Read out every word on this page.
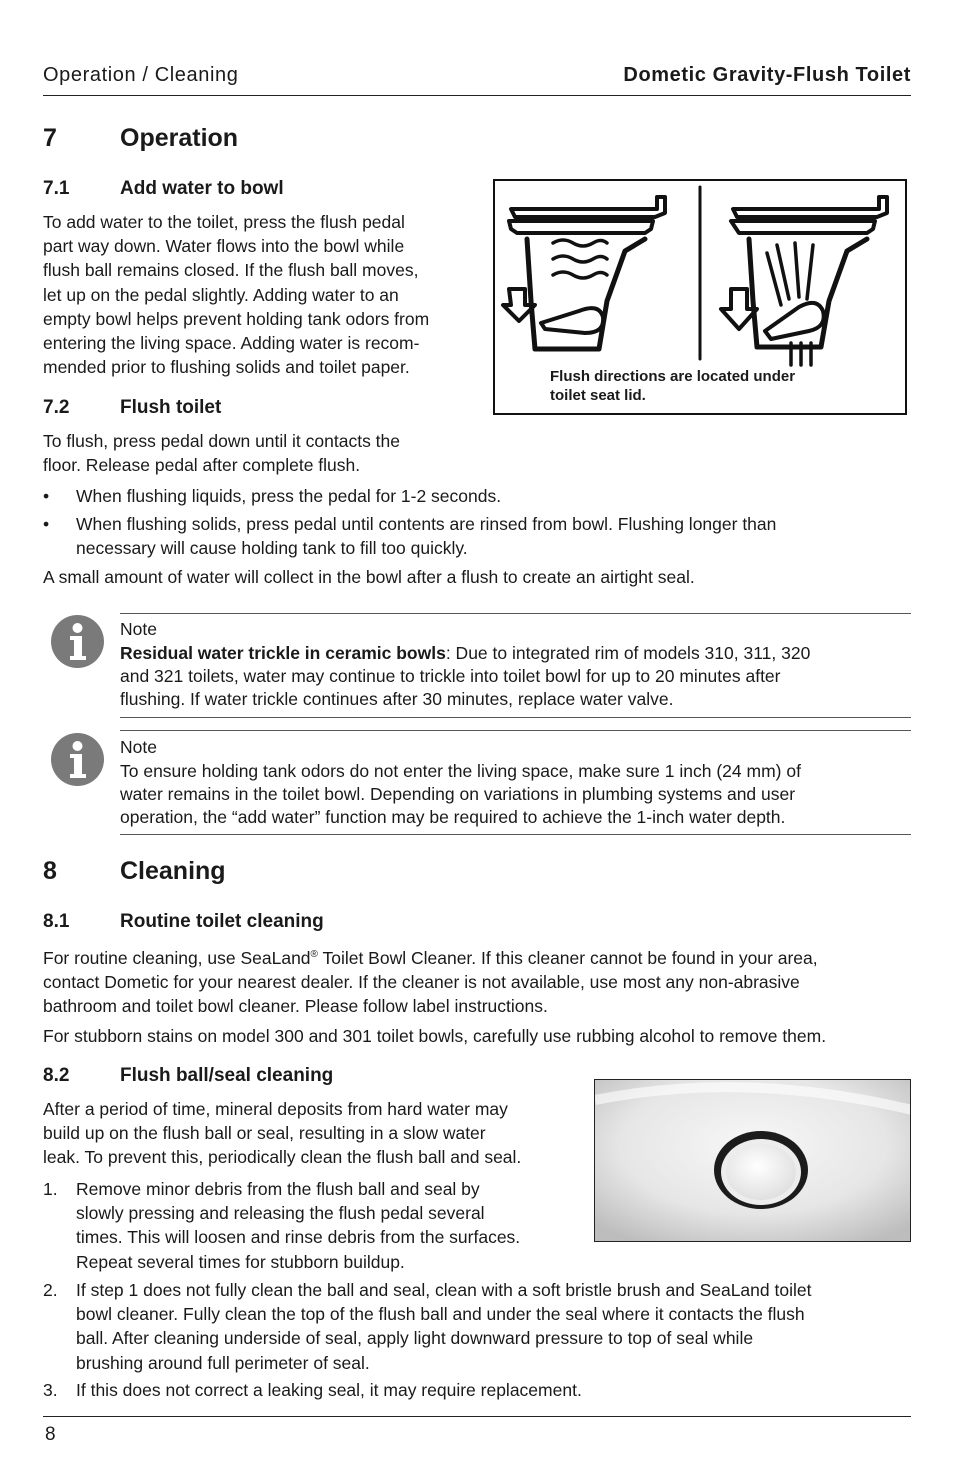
Operation / Cleaning	Dometic Gravity-Flush Toilet
7	Operation
7.1	Add water to bowl
To add water to the toilet, press the flush pedal
part way down. Water flows into the bowl while
flush ball remains closed. If the flush ball moves,
let up on the pedal slightly. Adding water to an
empty bowl helps prevent holding tank odors from
entering the living space. Adding water is recom-
mended prior to flushing solids and toilet paper.	Flush directions are located under
toilet seat lid.
7.2	Flush toilet
To flush, press pedal down until it contacts the
floor. Release pedal after complete flush.
• When flushing liquids, press the pedal for 1-2 seconds.
• When flushing solids, press pedal until contents are rinsed from bowl. Flushing longer than
necessary will cause holding tank to fill too quickly.
A small amount of water will collect in the bowl after a flush to create an airtight seal.
Note
Residual water trickle in ceramic bowls: Due to integrated rim of models 310, 311, 320
and 321 toilets, water may continue to trickle into toilet bowl for up to 20 minutes after
flushing. If water trickle continues after 30 minutes, replace water valve.
Note
To ensure holding tank odors do not enter the living space, make sure 1 inch (24 mm) of
water remains in the toilet bowl. Depending on variations in plumbing systems and user
operation, the “add water” function may be required to achieve the 1-inch water depth.
8	Cleaning
8.1	Routine toilet cleaning
For routine cleaning, use SeaLand® Toilet Bowl Cleaner. If this cleaner cannot be found in your area,
contact Dometic for your nearest dealer. If the cleaner is not available, use most any non-abrasive
bathroom and toilet bowl cleaner. Please follow label instructions.
For stubborn stains on model 300 and 301 toilet bowls, carefully use rubbing alcohol to remove them.
8.2	Flush ball/seal cleaning
After a period of time, mineral deposits from hard water may
build up on the flush ball or seal, resulting in a slow water
leak. To prevent this, periodically clean the flush ball and seal.
1. Remove minor debris from the flush ball and seal by
slowly pressing and releasing the flush pedal several
times. This will loosen and rinse debris from the surfaces.
Repeat several times for stubborn buildup.
2. If step 1 does not fully clean the ball and seal, clean with a soft bristle brush and SeaLand toilet
bowl cleaner. Fully clean the top of the flush ball and under the seal where it contacts the flush
ball. After cleaning underside of seal, apply light downward pressure to top of seal while
brushing around full perimeter of seal.
3. If this does not correct a leaking seal, it may require replacement.
8
